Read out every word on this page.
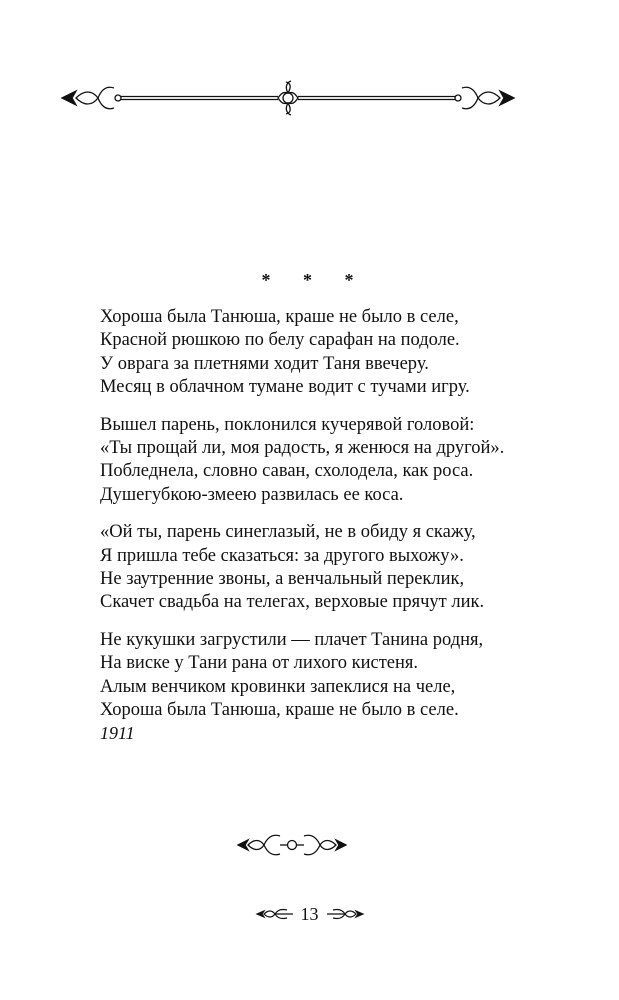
* * *
Хороша была Танюша, краше не было в селе,
Красной рюшкою по белу сарафан на подоле.
У оврага за плетнями ходит Таня ввечеру.
Месяц в облачном тумане водит с тучами игру.
Вышел парень, поклонился кучерявой головой:
«Ты прощай ли, моя радость, я женюся на другой».
Побледнела, словно саван, схолодела, как роса.
Душегубкою-змеею развилась ее коса.
«Ой ты, парень синеглазый, не в обиду я скажу,
Я пришла тебе сказаться: за другого выхожу».
Не заутренние звоны, а венчальный переклик,
Скачет свадьба на телегах, верховые прячут лик.
Не кукушки загрустили — плачет Танина родня,
На виске у Тани рана от лихого кистеня.
Алым венчиком кровинки запеклися на челе,
Хороша была Танюша, краше не было в селе.
1911
13
